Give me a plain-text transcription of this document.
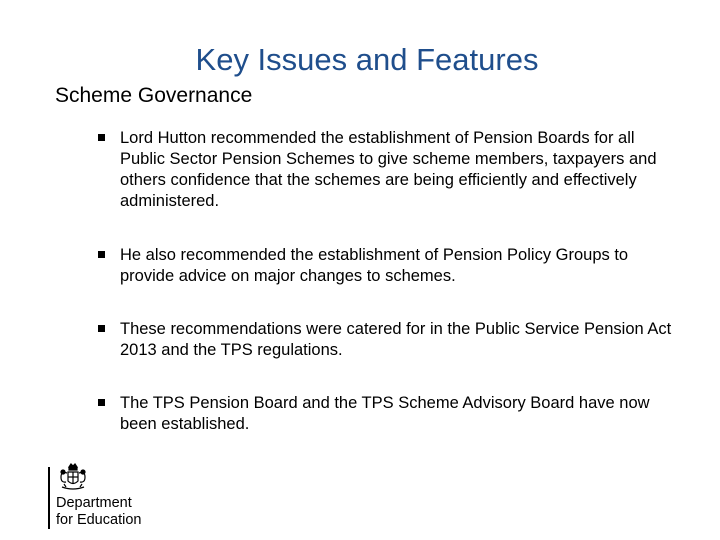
Key Issues and Features
Scheme Governance
Lord Hutton recommended the establishment of Pension Boards for all Public Sector Pension Schemes to give scheme members, taxpayers and others confidence that the schemes are being efficiently and effectively administered.
He also recommended the establishment of Pension Policy Groups to provide advice on major changes to schemes.
These recommendations were catered for in the Public Service Pension Act 2013 and the TPS regulations.
The TPS Pension Board and the TPS Scheme Advisory Board have now been established.
Department
for Education
